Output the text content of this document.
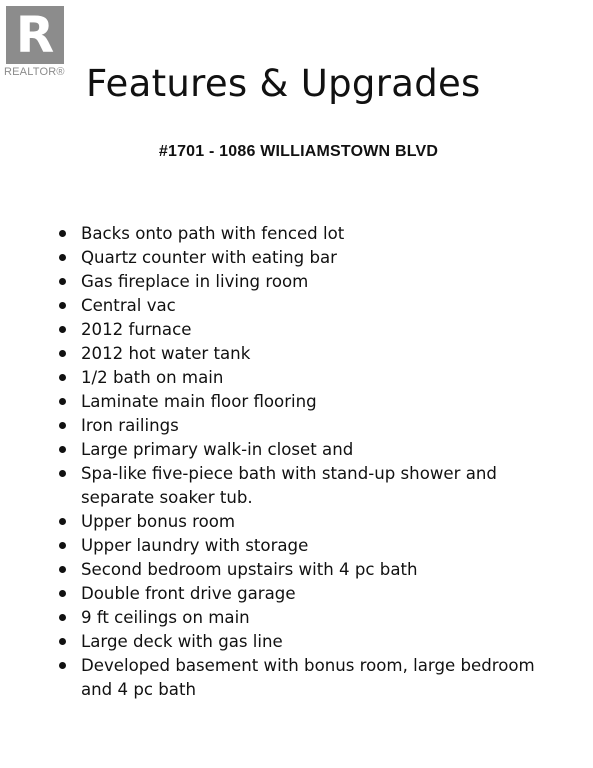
R
REALTOR® Features & Upgrades
#1701 - 1086 WILLIAMSTOWN BLVD
Backs onto path with fenced lot
Quartz counter with eating bar
Gas fireplace in living room
Central vac
2012 furnace
2012 hot water tank
1/2 bath on main
Laminate main floor flooring
Iron railings
Large primary walk-in closet and
Spa-like five-piece bath with stand-up shower and separate soaker tub.
Upper bonus room
Upper laundry with storage
Second bedroom upstairs with 4 pc bath
Double front drive garage
9 ft ceilings on main
Large deck with gas line
Developed basement with bonus room, large bedroom and 4 pc bath
